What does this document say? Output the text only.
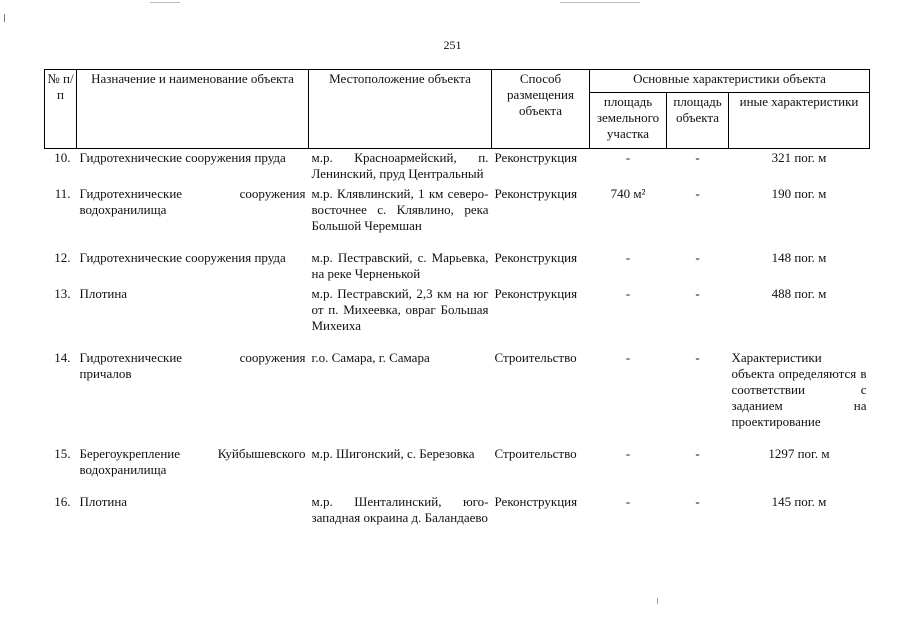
251
№ п/п	Назначение и наименование объекта	Местоположение объекта	Способ размещения объекта	Основные характеристики объекта		
				площадь земельного участка	площадь объекта	иные характеристики
10.	Гидротехнические сооружения пруда	м.р. Красноармейский, п. Ленинский, пруд Центральный	Реконструкция	-	-	321 пог. м
11.	Гидротехнические сооружения водохранилища	м.р. Клявлинский, 1 км северо-восточнее с. Клявлино, река Большой Черемшан	Реконструкция	740 м²	-	190 пог. м
12.	Гидротехнические сооружения пруда	м.р. Пестравский, с. Марьевка, на реке Черненькой	Реконструкция	-	-	148 пог. м
13.	Плотина	м.р. Пестравский, 2,3 км на юг от п. Михеевка, овраг Большая Михеиха	Реконструкция	-	-	488 пог. м
14.	Гидротехнические сооружения причалов	г.о. Самара, г. Самара	Строительство	-	-	Характеристики объекта определяются в соответствии с заданием на проектирование
15.	Берегоукрепление Куйбышевского водохранилища	м.р. Шигонский, с. Березовка	Строительство	-	-	1297 пог. м
16.	Плотина	м.р. Шенталинский, юго-западная окраина д. Баландаево	Реконструкция	-	-	145 пог. м
